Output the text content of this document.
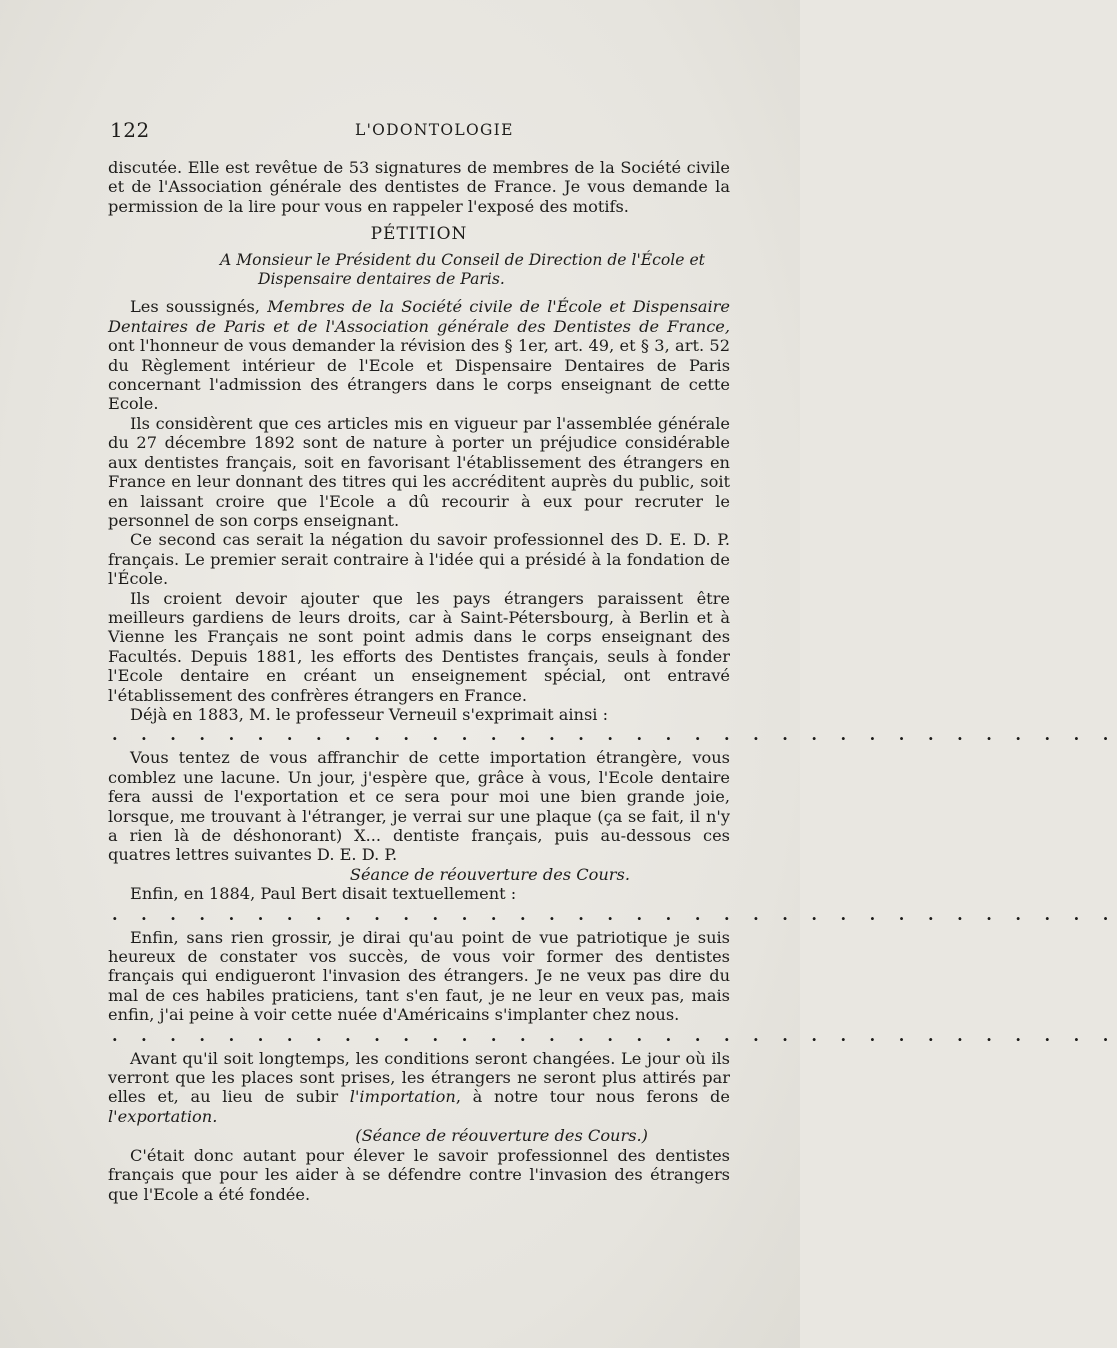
122	L'ODONTOLOGIE

discutée. Elle est revêtue de 53 signatures de membres de la Société civile et de l'Association générale des dentistes de France. Je vous demande la permission de la lire pour vous en rappeler l'exposé des motifs.

PÉTITION

A Monsieur le Président du Conseil de Direction de l'École et
Dispensaire dentaires de Paris.

Les soussignés, Membres de la Société civile de l'École et Dispensaire Dentaires de Paris et de l'Association générale des Dentistes de France, ont l'honneur de vous demander la révision des § 1er, art. 49, et § 3, art. 52 du Règlement intérieur de l'Ecole et Dispensaire Dentaires de Paris concernant l'admission des étrangers dans le corps enseignant de cette Ecole.

Ils considèrent que ces articles mis en vigueur par l'assemblée générale du 27 décembre 1892 sont de nature à porter un préjudice considérable aux dentistes français, soit en favorisant l'établissement des étrangers en France en leur donnant des titres qui les accréditent auprès du public, soit en laissant croire que l'Ecole a dû recourir à eux pour recruter le personnel de son corps enseignant.

Ce second cas serait la négation du savoir professionnel des D. E. D. P. français. Le premier serait contraire à l'idée qui a présidé à la fondation de l'École.

Ils croient devoir ajouter que les pays étrangers paraissent être meilleurs gardiens de leurs droits, car à Saint-Pétersbourg, à Berlin et à Vienne les Français ne sont point admis dans le corps enseignant des Facultés. Depuis 1881, les efforts des Dentistes français, seuls à fonder l'Ecole dentaire en créant un enseignement spécial, ont entravé l'établissement des confrères étrangers en France.

Déjà en 1883, M. le professeur Verneuil s'exprimait ainsi :

. . . . . . . . . . . . . . . . . . . . . . . . . . . . . . . . . . .

Vous tentez de vous affranchir de cette importation étrangère, vous comblez une lacune. Un jour, j'espère que, grâce à vous, l'Ecole dentaire fera aussi de l'exportation et ce sera pour moi une bien grande joie, lorsque, me trouvant à l'étranger, je verrai sur une plaque (ça se fait, il n'y a rien là de déshonorant) X... dentiste français, puis au-dessous ces quatres lettres suivantes D. E. D. P.

Séance de réouverture des Cours.

Enfin, en 1884, Paul Bert disait textuellement :

. . . . . . . . . . . . . . . . . . . . . . . . . . . . . . . . . . .

Enfin, sans rien grossir, je dirai qu'au point de vue patriotique je suis heureux de constater vos succès, de vous voir former des dentistes français qui endigueront l'invasion des étrangers. Je ne veux pas dire du mal de ces habiles praticiens, tant s'en faut, je ne leur en veux pas, mais enfin, j'ai peine à voir cette nuée d'Américains s'implanter chez nous.

. . . . . . . . . . . . . . . . . . . . . . . . . . . . . . . . . . .

Avant qu'il soit longtemps, les conditions seront changées. Le jour où ils verront que les places sont prises, les étrangers ne seront plus attirés par elles et, au lieu de subir l'importation, à notre tour nous ferons de l'exportation.

(Séance de réouverture des Cours.)

C'était donc autant pour élever le savoir professionnel des dentistes français que pour les aider à se défendre contre l'invasion des étrangers que l'Ecole a été fondée.
